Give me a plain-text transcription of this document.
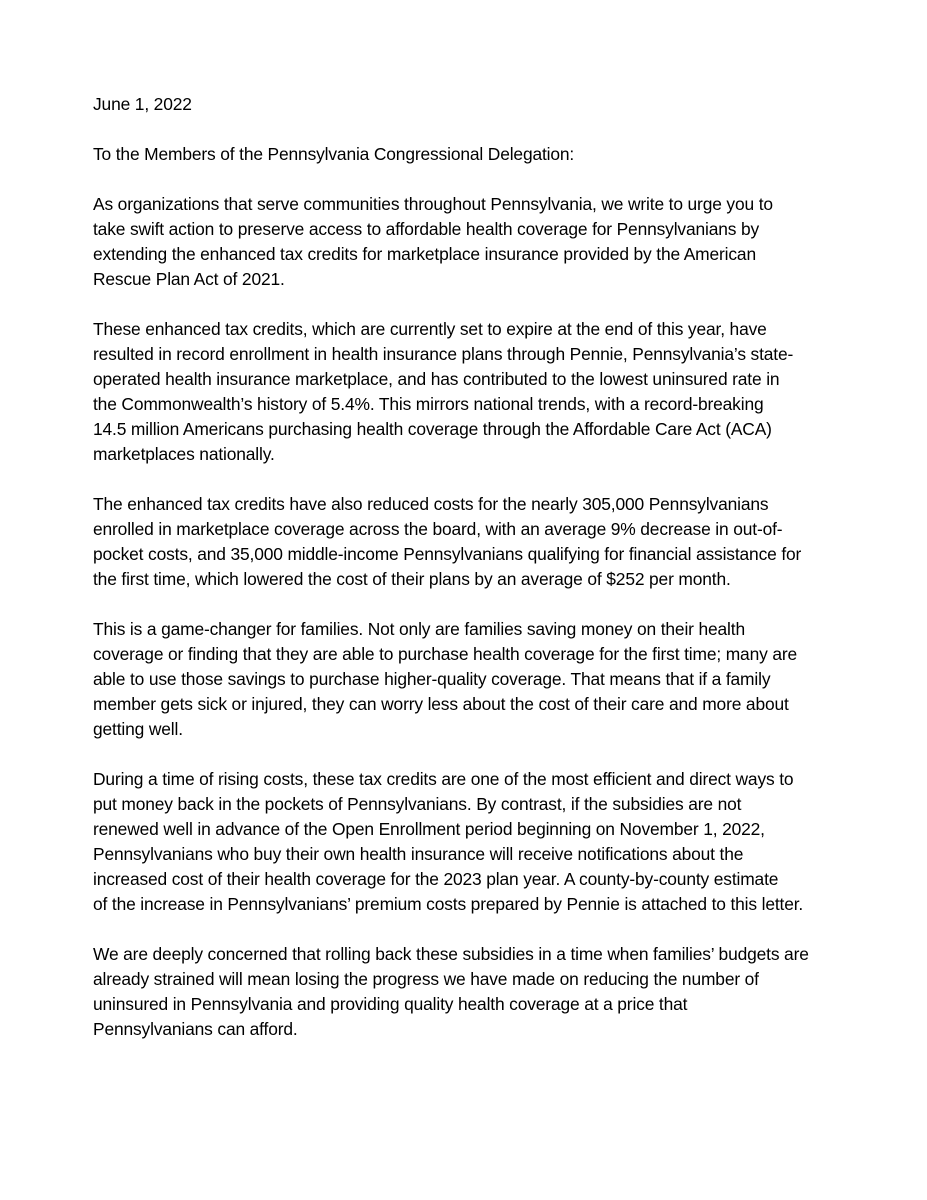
June 1, 2022

To the Members of the Pennsylvania Congressional Delegation:

As organizations that serve communities throughout Pennsylvania, we write to urge you to
take swift action to preserve access to affordable health coverage for Pennsylvanians by
extending the enhanced tax credits for marketplace insurance provided by the American
Rescue Plan Act of 2021.

These enhanced tax credits, which are currently set to expire at the end of this year, have
resulted in record enrollment in health insurance plans through Pennie, Pennsylvania’s state-
operated health insurance marketplace, and has contributed to the lowest uninsured rate in
the Commonwealth’s history of 5.4%. This mirrors national trends, with a record-breaking
14.5 million Americans purchasing health coverage through the Affordable Care Act (ACA)
marketplaces nationally.

The enhanced tax credits have also reduced costs for the nearly 305,000 Pennsylvanians
enrolled in marketplace coverage across the board, with an average 9% decrease in out-of-
pocket costs, and 35,000 middle-income Pennsylvanians qualifying for financial assistance for
the first time, which lowered the cost of their plans by an average of $252 per month.

This is a game-changer for families. Not only are families saving money on their health
coverage or finding that they are able to purchase health coverage for the first time; many are
able to use those savings to purchase higher-quality coverage. That means that if a family
member gets sick or injured, they can worry less about the cost of their care and more about
getting well.

During a time of rising costs, these tax credits are one of the most efficient and direct ways to
put money back in the pockets of Pennsylvanians. By contrast, if the subsidies are not
renewed well in advance of the Open Enrollment period beginning on November 1, 2022,
Pennsylvanians who buy their own health insurance will receive notifications about the
increased cost of their health coverage for the 2023 plan year. A county-by-county estimate
of the increase in Pennsylvanians’ premium costs prepared by Pennie is attached to this letter.

We are deeply concerned that rolling back these subsidies in a time when families’ budgets are
already strained will mean losing the progress we have made on reducing the number of
uninsured in Pennsylvania and providing quality health coverage at a price that
Pennsylvanians can afford.
